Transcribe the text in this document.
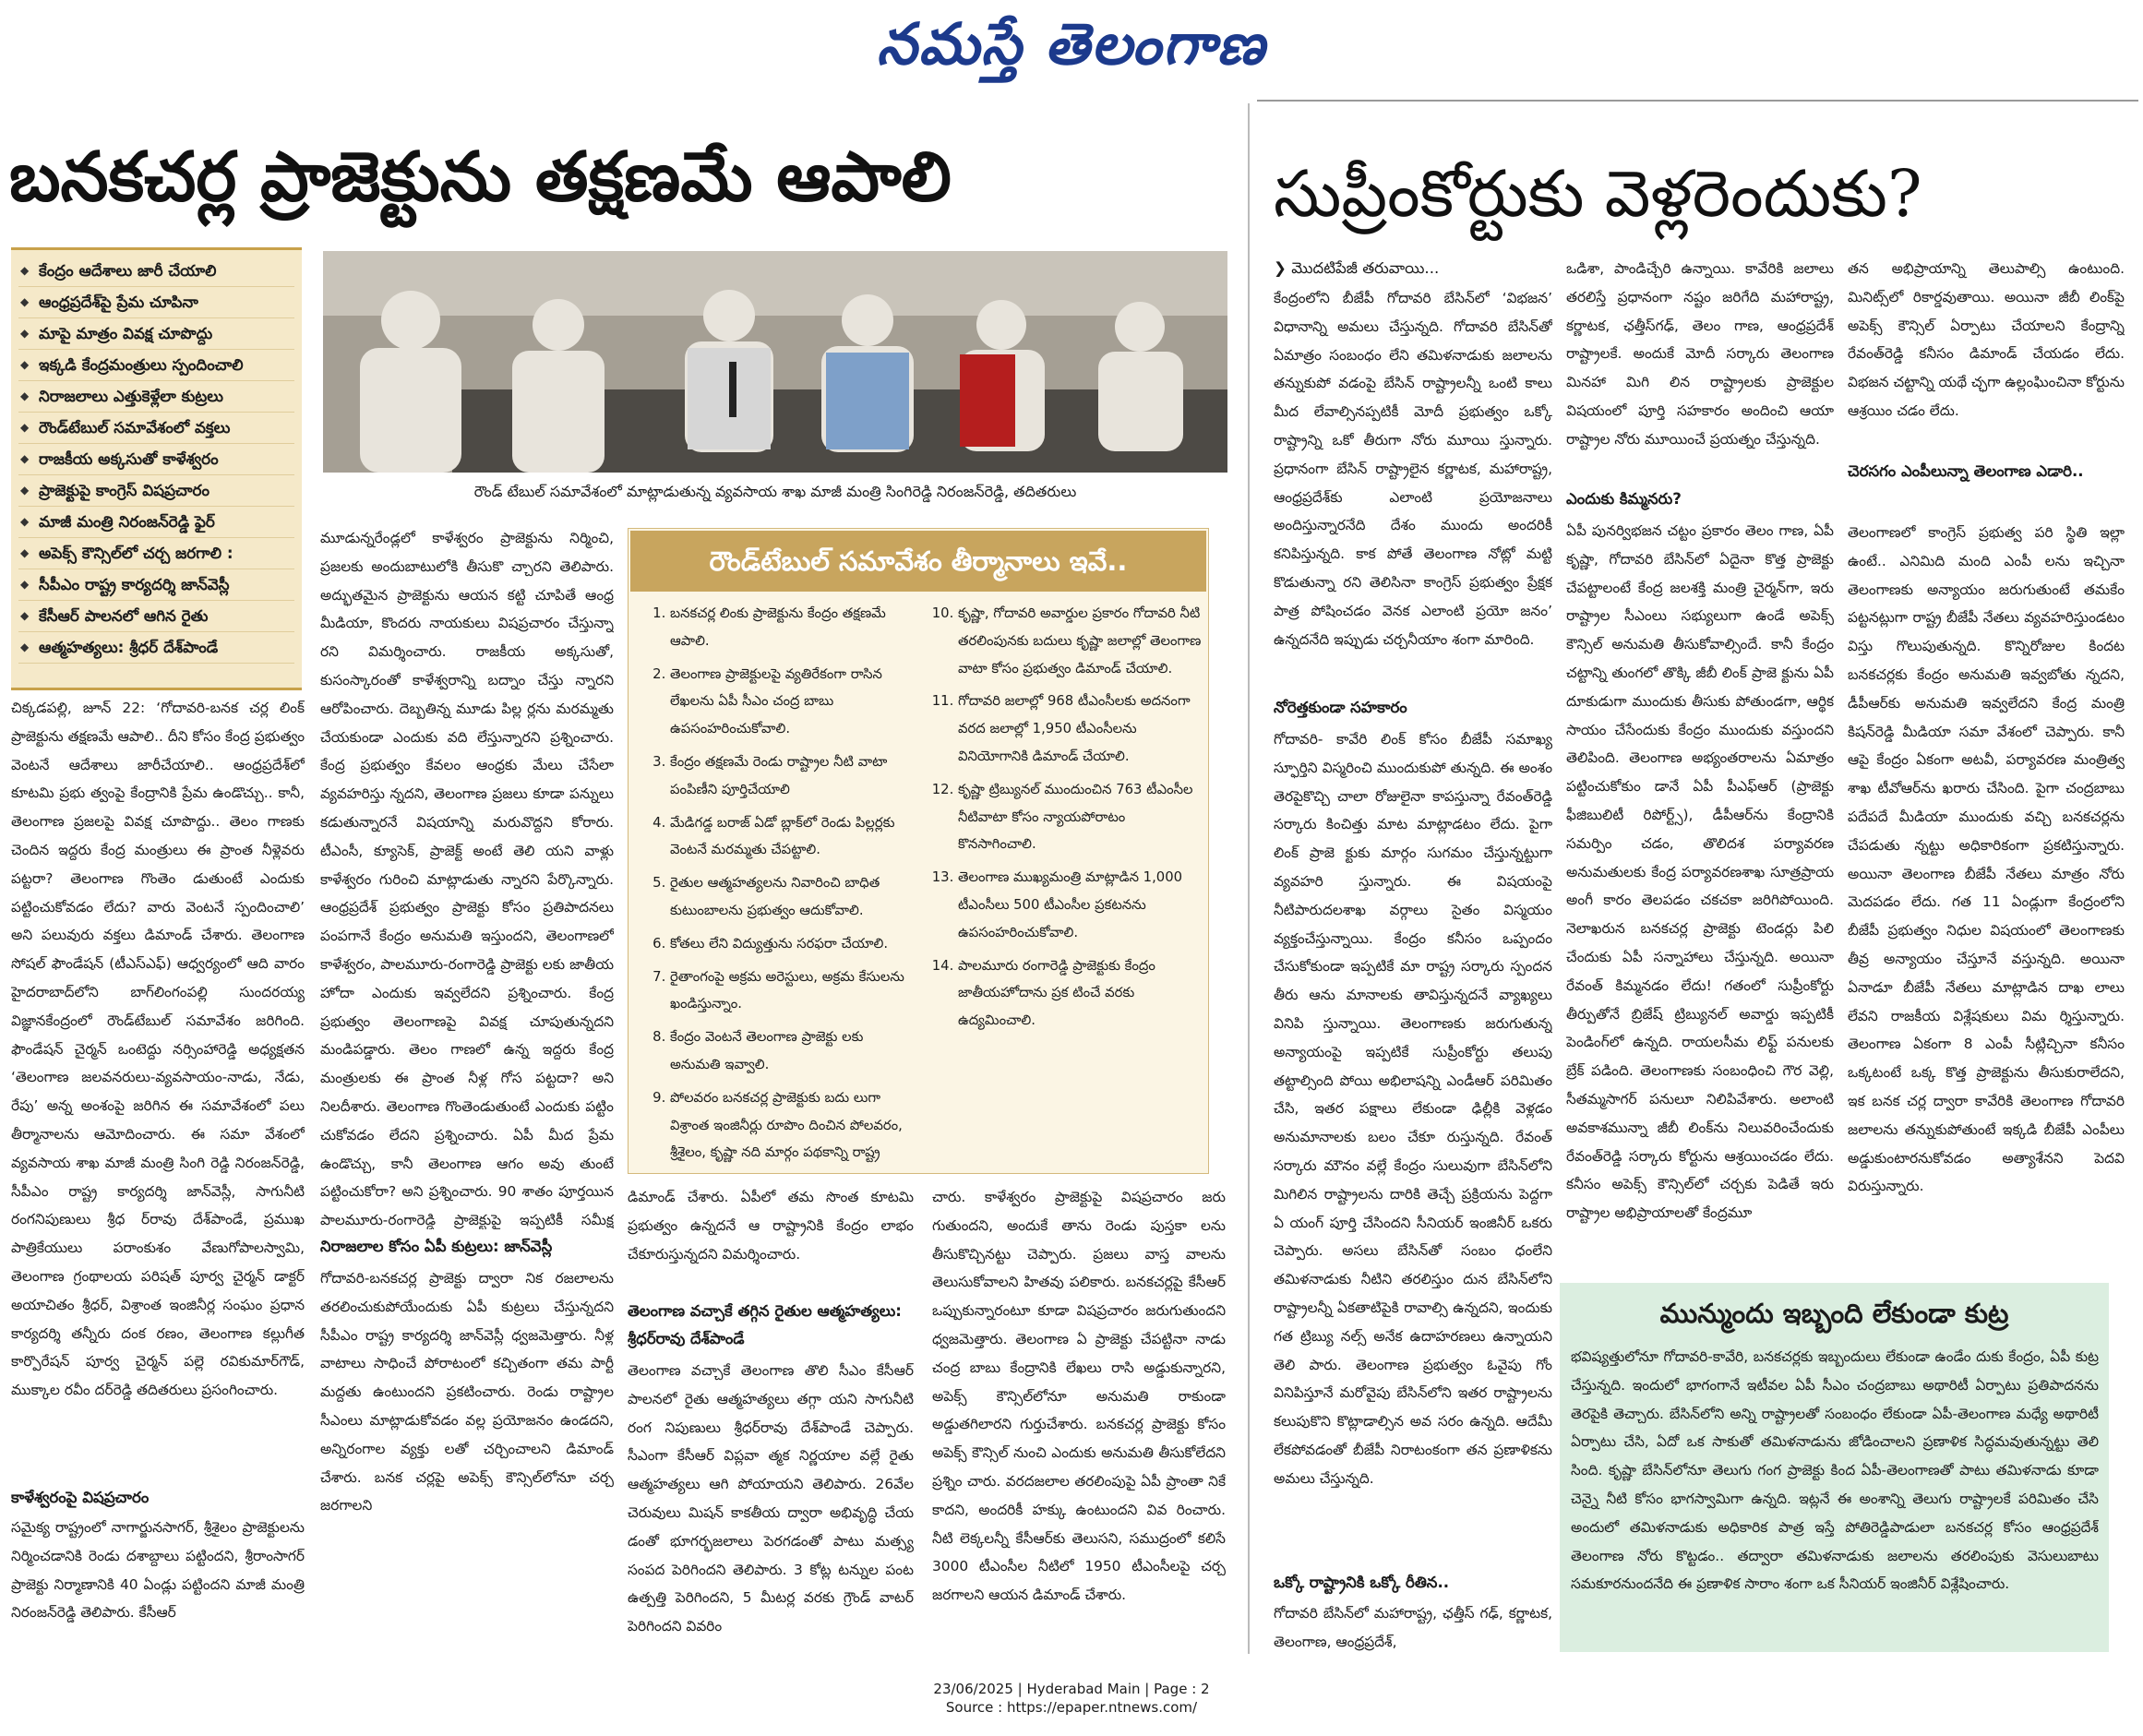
నమస్తే తెలంగాణ
బనకచర్ల ప్రాజెక్టును తక్షణమే ఆపాలి
◆ కేంద్రం ఆదేశాలు జారీ చేయాలి
◆ ఆంధ్రప్రదేశ్‌పై ప్రేమ చూపినా
◆ మాపై మాత్రం వివక్ష చూపొద్దు
◆ ఇక్కడి కేంద్రమంత్రులు స్పందించాలి
◆ నిరాజలాలు ఎత్తుకెళ్లేలా కుట్రలు
◆ రౌండ్‌టేబుల్ సమావేశంలో వక్తలు
◆ రాజకీయ అక్కసుతో కాళేశ్వరం
◆ ప్రాజెక్టుపై కాంగ్రెస్ విషప్రచారం
◆ మాజీ మంత్రి నిరంజన్‌రెడ్డి ఫైర్
◆ అపెక్స్ కౌన్సిల్‌లో చర్చ జరగాలి :
◆ సీపీఎం రాష్ట్ర కార్యదర్శి జాన్‌వెస్లీ
◆ కేసీఆర్ పాలనలో ఆగిన రైతు
◆ ఆత్మహత్యలు: శ్రీధర్ దేశ్‌పాండే
రౌండ్ టేబుల్ సమావేశంలో మాట్లాడుతున్న వ్యవసాయ శాఖ మాజీ మంత్రి సింగిరెడ్డి నిరంజన్‌రెడ్డి, తదితరులు

చిక్కడపల్లి, జూన్ 22: ‘గోదావరి-బనక చర్ల లింక్ ప్రాజెక్టును తక్షణమే ఆపాలి.. దీని కోసం కేంద్ర ప్రభుత్వం వెంటనే ఆదేశాలు జారీచేయాలి.. ఆంధ్రప్రదేశ్‌లో కూటమి ప్రభు త్వంపై కేంద్రానికి ప్రేమ ఉండొచ్చు.. కానీ, తెలంగాణ ప్రజలపై వివక్ష చూపొద్దు.. తెలం గాణకు చెందిన ఇద్దరు కేంద్ర మంత్రులు ఈ ప్రాంత నీళ్లెవరు పట్టరా? తెలంగాణ గొంతెం డుతుంటే ఎందుకు పట్టించుకోవడం లేదు? వారు వెంటనే స్పందించాలి’ అని పలువురు వక్తలు డిమాండ్ చేశారు. తెలంగాణ సోషల్ ఫౌండేషన్ (టీఎస్‌ఎఫ్) ఆధ్వర్యంలో ఆది వారం హైదరాబాద్‌లోని బాగ్‌లింగంపల్లి సుందరయ్య విజ్ఞానకేంద్రంలో రౌండ్‌టేబుల్ సమావేశం జరిగింది. ఫౌండేషన్ చైర్మన్ ఒంటెద్దు నర్సింహారెడ్డి అధ్యక్షతన ‘తెలంగాణ జలవనరులు-వ్యవసాయం-నాడు, నేడు, రేపు’ అన్న అంశంపై జరిగిన ఈ సమావేశంలో పలు తీర్మానాలను ఆమోదించారు. ఈ సమా వేశంలో వ్యవసాయ శాఖ మాజీ మంత్రి సింగి రెడ్డి నిరంజన్‌రెడ్డి, సీపీఎం రాష్ట్ర కార్యదర్శి జాన్‌వెస్లీ, సాగునీటి రంగనిపుణులు శ్రీధ ర్‌రావు దేశ్‌పాండే, ప్రముఖ పాత్రికేయులు పరాంకుశం వేణుగోపాలస్వామి, తెలంగాణ గ్రంథాలయ పరిషత్ పూర్వ చైర్మన్ డాక్టర్ అయాచితం శ్రీధర్, విశ్రాంత ఇంజినీర్ల సంఘం ప్రధాన కార్యదర్శి తన్నీరు దంక రణం, తెలంగాణ కల్లుగీత కార్పొరేషన్ పూర్వ చైర్మన్ పల్లె రవికుమార్‌గౌడ్, ముక్కాల రవీం దర్‌రెడ్డి తదితరులు ప్రసంగించారు.

కాళేశ్వరంపై విషప్రచారం

సమైక్య రాష్ట్రంలో నాగార్జునసాగర్, శ్రీశైలం ప్రాజెక్టులను నిర్మించడానికి రెండు దశాబ్దాలు పట్టిందని, శ్రీరాంసాగర్ ప్రాజెక్టు నిర్మాణానికి 40 ఏండ్లు పట్టిందని మాజీ మంత్రి నిరంజన్‌రెడ్డి తెలిపారు. కేసీఆర్

మూడున్నరేండ్లలో కాళేశ్వరం ప్రాజెక్టును నిర్మించి, ప్రజలకు అందుబాటులోకి తీసుకొ చ్చారని తెలిపారు. అద్భుతమైన ప్రాజెక్టును ఆయన కట్టి చూపితే ఆంధ్ర మీడియా, కొందరు నాయకులు విషప్రచారం చేస్తున్నా రని విమర్శించారు. రాజకీయ అక్కసుతో, కుసంస్కారంతో కాళేశ్వరాన్ని బద్నాం చేస్తు న్నారని ఆరోపించారు. దెబ్బతిన్న మూడు పిల్ల ర్లను మరమ్మతు చేయకుండా ఎందుకు వది లేస్తున్నారని ప్రశ్నించారు. కేంద్ర ప్రభుత్వం కేవలం ఆంధ్రకు మేలు చేసేలా వ్యవహరిస్తు న్నదని, తెలంగాణ ప్రజలు కూడా పన్నులు కడుతున్నారనే విషయాన్ని మరువొద్దని కోరారు. టీఎంసీ, క్యూసెక్, ప్రాజెక్ట్ అంటే తెలి యని వాళ్లు కాళేశ్వరం గురించి మాట్లాడుతు న్నారని పేర్కొన్నారు. ఆంధ్రప్రదేశ్ ప్రభుత్వం ప్రాజెక్టు కోసం ప్రతిపాదనలు పంపగానే కేంద్రం అనుమతి ఇస్తుందని, తెలంగాణలో కాళేశ్వరం, పాలమూరు-రంగారెడ్డి ప్రాజెక్టు లకు జాతీయ హోదా ఎందుకు ఇవ్వలేదని ప్రశ్నించారు. కేంద్ర ప్రభుత్వం తెలంగాణపై వివక్ష చూపుతున్నదని మండిపడ్డారు. తెలం గాణలో ఉన్న ఇద్దరు కేంద్ర మంత్రులకు ఈ ప్రాంత నీళ్ల గోస పట్టదా? అని నిలదీశారు. తెలంగాణ గొంతెండుతుంటే ఎందుకు పట్టిం చుకోవడం లేదని ప్రశ్నించారు. ఏపీ మీద ప్రేమ ఉండొచ్చు, కానీ తెలంగాణ ఆగం అవు తుంటే పట్టించుకోరా? అని ప్రశ్నించారు. 90 శాతం పూర్తయిన పాలమూరు-రంగారెడ్డి ప్రాజెక్టుపై ఇప్పటికీ సమీక్ష

నిరాజలాల కోసం ఏపీ కుట్రలు: జాన్‌వెస్లీ

గోదావరి-బనకచర్ల ప్రాజెక్టు ద్వారా నిక రజలాలను తరలించుకుపోయేందుకు ఏపీ కుట్రలు చేస్తున్నదని సీపీఎం రాష్ట్ర కార్యదర్శి జాన్‌వెస్లీ ధ్వజమెత్తారు. నీళ్ల వాటాలు సాధించే పోరాటంలో కచ్చితంగా తమ పార్టీ మద్దతు ఉంటుందని ప్రకటించారు. రెండు రాష్ట్రాల సీఎంలు మాట్లాడుకోవడం వల్ల ప్రయోజనం ఉండదని, అన్నిరంగాల వ్యక్తు లతో చర్చించాలని డిమాండ్ చేశారు. బనక చర్లపై అపెక్స్ కౌన్సిల్‌లోనూ చర్చ జరగాలని

రౌండ్‌టేబుల్ సమావేశం తీర్మానాలు ఇవే..
1. బనకచర్ల లింకు ప్రాజెక్టును కేంద్రం తక్షణమే ఆపాలి.
2. తెలంగాణ ప్రాజెక్టులపై వ్యతిరేకంగా రాసిన లేఖలను ఏపీ సీఎం చంద్ర బాబు ఉపసంహరించుకోవాలి.
3. కేంద్రం తక్షణమే రెండు రాష్ట్రాల నీటి వాటా పంపిణీని పూర్తిచేయాలి
4. మేడిగడ్డ బరాజ్ ఏడో బ్లాక్‌లో రెండు పిల్లర్లకు వెంటనే మరమ్మతు చేపట్టాలి.
5. రైతుల ఆత్మహత్యలను నివారించి బాధిత కుటుంబాలను ప్రభుత్వం ఆదుకోవాలి.
6. కోతలు లేని విద్యుత్తును సరఫరా చేయాలి.
7. రైతాంగంపై అక్రమ అరెస్టులు, అక్రమ కేసులను ఖండిస్తున్నాం.
8. కేంద్రం వెంటనే తెలంగాణ ప్రాజెక్టు లకు అనుమతి ఇవ్వాలి.
9. పోలవరం బనకచర్ల ప్రాజెక్టుకు బదు లుగా విశ్రాంత ఇంజినీర్లు రూపొం దించిన పోలవరం, శ్రీశైలం, కృష్ణా నది మార్గం పథకాన్ని రాష్ట్ర
10. కృష్ణా, గోదావరి అవార్డుల ప్రకారం గోదావరి నీటి తరలింపునకు బదులు కృష్ణా జలాల్లో తెలంగాణ వాటా కోసం ప్రభుత్వం డిమాండ్ చేయాలి.
11. గోదావరి జలాల్లో 968 టీఎంసీలకు అదనంగా వరద జలాల్లో 1,950 టీఎంసీలను వినియోగానికి డిమాండ్ చేయాలి.
12. కృష్ణా ట్రిబ్యునల్ ముందుంచిన 763 టీఎంసీల నీటివాటా కోసం న్యాయపోరాటం కొనసాగించాలి.
13. తెలంగాణ ముఖ్యమంత్రి మాట్లాడిన 1,000 టీఎంసీలు 500 టీఎంసీల ప్రకటనను ఉపసంహరించుకోవాలి.
14. పాలమూరు రంగారెడ్డి ప్రాజెక్టుకు కేంద్రం జాతీయహోదాను ప్రక టించే వరకు ఉద్యమించాలి.

డిమాండ్ చేశారు. ఏపీలో తమ సొంత కూటమి ప్రభుత్వం ఉన్నదనే ఆ రాష్ట్రానికి కేంద్రం లాభం చేకూరుస్తున్నదని విమర్శించారు.

తెలంగాణ వచ్చాకే తగ్గిన రైతుల ఆత్మహత్యలు: శ్రీధర్‌రావు దేశ్‌పాండే

తెలంగాణ వచ్చాకే తెలంగాణ తొలి సీఎం కేసీఆర్ పాలనలో రైతు ఆత్మహత్యలు తగ్గా యని సాగునీటి రంగ నిపుణులు శ్రీధర్‌రావు దేశ్‌పాండే చెప్పారు. సీఎంగా కేసీఆర్ విప్లవా త్మక నిర్ణయాల వల్లే రైతు ఆత్మహత్యలు ఆగి పోయాయని తెలిపారు. 26వేల చెరువులు మిషన్ కాకతీయ ద్వారా అభివృద్ధి చేయ డంతో భూగర్భజలాలు పెరగడంతో పాటు మత్స్య సంపద పెరిగిందని తెలిపారు. 3 కోట్ల టన్నుల పంట ఉత్పత్తి పెరిగిందని, 5 మీటర్ల వరకు గ్రౌండ్ వాటర్ పెరిగిందని వివరిం

చారు. కాళేశ్వరం ప్రాజెక్టుపై విషప్రచారం జరు గుతుందని, అందుకే తాను రెండు పుస్తకా లను తీసుకొచ్చినట్టు చెప్పారు. ప్రజలు వాస్త వాలను తెలుసుకోవాలని హితవు పలికారు. బనకచర్లపై కేసీఆర్ ఒప్పుకున్నారంటూ కూడా విషప్రచారం జరుగుతుందని ధ్వజమెత్తారు. తెలంగాణ ఏ ప్రాజెక్టు చేపట్టినా నాడు చంద్ర బాబు కేంద్రానికి లేఖలు రాసి అడ్డుకున్నారని, అపెక్స్ కౌన్సిల్‌లోనూ అనుమతి రాకుండా అడ్డుతగిలారని గుర్తుచేశారు. బనకచర్ల ప్రాజెక్టు కోసం అపెక్స్ కౌన్సిల్ నుంచి ఎందుకు అనుమతి తీసుకోలేదని ప్రశ్నిం చారు. వరదజలాల తరలింపుపై ఏపీ ప్రాంతా నికే కాదని, అందరికీ హక్కు ఉంటుందని వివ రించారు. నీటి లెక్కలన్నీ కేసీఆర్‌కు తెలుసని, సముద్రంలో కలిసే 3000 టీఎంసీల నీటిలో 1950 టీఎంసీలపై చర్చ జరగాలని ఆయన డిమాండ్ చేశారు.

సుప్రీంకోర్టుకు వెళ్లరెందుకు?
❯ మొదటిపేజీ తరువాయి...

కేంద్రంలోని బీజేపీ గోదావరి బేసిన్‌లో ‘విభజన’ విధానాన్ని అమలు చేస్తున్నది. గోదావరి బేసిన్‌తో ఏమాత్రం సంబంధం లేని తమిళనాడుకు జలాలను తన్నుకుపో వడంపై బేసిన్ రాష్ట్రాలన్నీ ఒంటి కాలు మీద లేవాల్సినప్పటికీ మోదీ ప్రభుత్వం ఒక్కో రాష్ట్రాన్ని ఒకో తీరుగా నోరు మూయి స్తున్నారు. ప్రధానంగా బేసిన్ రాష్ట్రాలైన కర్ణాటక, మహారాష్ట్ర, ఆంధ్రప్రదేశ్‌కు ఎలాంటి ప్రయోజనాలు అందిస్తున్నారనేది దేశం ముందు అందరికీ కనిపిస్తున్నది. కాక పోతే తెలంగాణ నోట్లో మట్టి కొడుతున్నా రని తెలిసినా కాంగ్రెస్ ప్రభుత్వం ప్రేక్షక పాత్ర పోషించడం వెనక ఎలాంటి ప్రయో జనం’ ఉన్నదనేది ఇప్పుడు చర్చనీయాం శంగా మారింది.

నోరెత్తకుండా సహకారం

గోదావరి- కావేరి లింక్ కోసం బీజేపీ సమాఖ్య స్ఫూర్తిని విస్మరించి ముందుకుపో తున్నది. ఈ అంశం తెరపైకొచ్చి చాలా రోజులైనా కాపస్తున్నా రేవంత్‌రెడ్డి సర్కారు కించిత్తు మాట మాట్లాడటం లేదు. పైగా లింక్ ప్రాజె క్టుకు మార్గం సుగమం చేస్తున్నట్టుగా వ్యవహరి స్తున్నారు. ఈ విషయంపై నీటిపారుదలశాఖ వర్గాలు సైతం విస్మయం వ్యక్తంచేస్తున్నాయి. కేంద్రం కనీసం ఒప్పందం చేసుకోకుండా ఇప్పటికే మా రాష్ట్ర సర్కారు స్పందన తీరు ఆను మానాలకు తావిస్తున్నదనే వ్యాఖ్యలు వినిపి స్తున్నాయి. తెలంగాణకు జరుగుతున్న అన్యాయంపై ఇప్పటికే సుప్రీంకోర్టు తలుపు తట్టాల్సింది పోయి అభిలాషన్ని ఎండీఆర్ పరిమితం చేసి, ఇతర పక్షాలు లేకుండా ఢిల్లీకి వెళ్లడం అనుమానాలకు బలం చేకూ రుస్తున్నది. రేవంత్ సర్కారు మౌనం వల్లే కేంద్రం సులువుగా బేసిన్‌లోని మిగిలిన రాష్ట్రాలను దారికి తెచ్చే ప్రక్రియను పెద్దగా ఏ యంగ్ పూర్తి చేసిందని సీనియర్ ఇంజినీర్ ఒకరు చెప్పారు. అసలు బేసిన్‌తో సంబం ధంలేని తమిళనాడుకు నీటిని తరలిస్తుం దున బేసిన్‌లోని రాష్ట్రాలన్నీ ఏకతాటిపైకి రావాల్సి ఉన్నదని, ఇందుకు గత ట్రిబ్యు నల్స్ అనేక ఉదాహరణలు ఉన్నాయని తెలి పారు. తెలంగాణ ప్రభుత్వం ఓవైపు గోం వినిపిస్తూనే మరోవైపు బేసిన్‌లోని ఇతర రాష్ట్రాలను కలుపుకొని కొట్లాడాల్సిన అవ సరం ఉన్నది. ఆదేమీ లేకపోవడంతో బీజేపీ నిరాటంకంగా తన ప్రణాళికను అమలు చేస్తున్నది.

ఒక్కో రాష్ట్రానికి ఒక్కో రీతిన..

గోదావరి బేసిన్‌లో మహారాష్ట్ర, ఛత్తీస్ గఢ్, కర్ణాటక, తెలంగాణ, ఆంధ్రప్రదేశ్,

ఒడిశా, పాండిచ్చేరి ఉన్నాయి. కావేరికి జలాలు తరలిస్తే ప్రధానంగా నష్టం జరిగేది మహారాష్ట్ర, కర్ణాటక, ఛత్తీస్‌గఢ్, తెలం గాణ, ఆంధ్రప్రదేశ్ రాష్ట్రాలకే. అందుకే మోదీ సర్కారు తెలంగాణ మినహా మిగి లిన రాష్ట్రాలకు ప్రాజెక్టుల విషయంలో పూర్తి సహకారం అందించి ఆయా రాష్ట్రాల నోరు మూయించే ప్రయత్నం చేస్తున్నది.

ఎందుకు కిమ్మనరు?

ఏపీ పునర్విభజన చట్టం ప్రకారం తెలం గాణ, ఏపీ కృష్ణా, గోదావరి బేసిన్‌లో ఏదైనా కొత్త ప్రాజెక్టు చేపట్టాలంటే కేంద్ర జలశక్తి మంత్రి చైర్మన్‌గా, ఇరు రాష్ట్రాల సీఎంలు సభ్యులుగా ఉండే అపెక్స్ కౌన్సిల్ అనుమతి తీసుకోవాల్సిందే. కానీ కేంద్రం చట్టాన్ని తుంగలో తొక్కి జీబీ లింక్ ప్రాజె క్టును ఏపీ దూకుడుగా ముందుకు తీసుకు పోతుండగా, ఆర్థిక సాయం చేసేందుకు కేంద్రం ముందుకు వస్తుందని తెలిపింది. తెలంగాణ అభ్యంతరాలను ఏమాత్రం పట్టించుకోకుం డానే ఏపీ పీఎఫ్ఆర్ (ప్రాజెక్టు ఫీజిబులిటీ రిపోర్ట్స్), డీపీఆర్‌ను కేంద్రానికి సమర్పిం చడం, తొలిదశ పర్యావరణ అనుమతులకు కేంద్ర పర్యావరణశాఖ సూత్రప్రాయ అంగీ కారం తెలపడం చకచకా జరిగిపోయింది. నెలాఖరున బనకచర్ల ప్రాజెక్టు టెండర్లు పిలి చేందుకు ఏపీ సన్నాహాలు చేస్తున్నది. అయినా రేవంత్ కిమ్మనడం లేదు! గతంలో సుప్రీంకోర్టు తీర్పుతోనే బ్రిజేష్ ట్రిబ్యునల్ అవార్డు ఇప్పటికీ పెండింగ్‌లో ఉన్నది. రాయలసీమ లిఫ్ట్ పనులకు బ్రేక్ పడింది. తెలంగాణకు సంబంధించి గౌర వెల్లి, సీతమ్మసాగర్ పనులూ నిలిపివేశారు. అలాంటి అవకాశమున్నా జీబీ లింక్‌ను నిలువరించేందుకు రేవంత్‌రెడ్డి సర్కారు కోర్టును ఆశ్రయించడం లేదు. కనీసం అపెక్స్ కౌన్సిల్‌లో చర్చకు పెడితే ఇరు రాష్ట్రాల అభిప్రాయాలతో కేంద్రమూ

తన అభిప్రాయాన్ని తెలుపాల్సి ఉంటుంది. మినిట్స్‌లో రికార్డవుతాయి. అయినా జీబీ లింక్‌పై అపెక్స్ కౌన్సిల్ ఏర్పాటు చేయాలని కేంద్రాన్ని రేవంత్‌రెడ్డి కనీసం డిమాండ్ చేయడం లేదు. విభజన చట్టాన్ని యథే చ్ఛగా ఉల్లంఘించినా కోర్టును ఆశ్రయిం చడం లేదు.

చెరసగం ఎంపీలున్నా తెలంగాణ ఎడారి..

తెలంగాణలో కాంగ్రెస్ ప్రభుత్వ పరి స్థితి ఇల్లా ఉంటే.. ఎనిమిది మంది ఎంపీ లను ఇచ్చినా తెలంగాణకు అన్యాయం జరుగుతుంటే తమకేం పట్టనట్లుగా రాష్ట్ర బీజేపీ నేతలు వ్యవహరిస్తుండటం విస్తు గొలుపుతున్నది. కొన్నిరోజుల కిందట బనకచర్లకు కేంద్రం అనుమతి ఇవ్వబోతు న్నదని, డీపీఆర్‌కు అనుమతి ఇవ్వలేదని కేంద్ర మంత్రి కిషన్‌రెడ్డి మీడియా సమా వేశంలో చెప్పారు. కానీ ఆపై కేంద్రం ఏకంగా అటవీ, పర్యావరణ మంత్రిత్వ శాఖ టీవోఆర్‌ను ఖరారు చేసింది. పైగా చంద్రబాబు పదేపదే మీడియా ముందుకు వచ్చి బనకచర్లను చేపడుతు న్నట్టు అధికారికంగా ప్రకటిస్తున్నారు. అయినా తెలంగాణ బీజేపీ నేతలు మాత్రం నోరు మెదపడం లేదు. గత 11 ఏండ్లుగా కేంద్రంలోని బీజేపీ ప్రభుత్వం నిధుల విషయంలో తెలంగాణకు తీవ్ర అన్యాయం చేస్తూనే వస్తున్నది. అయినా ఏనాడూ బీజేపీ నేతలు మాట్లాడిన దాఖ లాలు లేవని రాజకీయ విశ్లేషకులు విమ ర్శిస్తున్నారు. తెలంగాణ ఏకంగా 8 ఎంపీ సీట్లిచ్చినా కనీసం ఒక్కటంటే ఒక్క కొత్త ప్రాజెక్టును తీసుకురాలేదని, ఇక బనక చర్ల ద్వారా కావేరికి తెలంగాణ గోదావరి జలాలను తన్నుకుపోతుంటే ఇక్కడి బీజేపీ ఎంపీలు అడ్డుకుంటారనుకోవడం అత్యాశేనని పెదవి విరుస్తున్నారు.

మున్ముందు ఇబ్బంది లేకుండా కుట్ర

భవిష్యత్తులోనూ గోదావరి-కావేరి, బనకచర్లకు ఇబ్బందులు లేకుండా ఉండేం దుకు కేంద్రం, ఏపీ కుట్ర చేస్తున్నది. ఇందులో భాగంగానే ఇటీవల ఏపీ సీఎం చంద్రబాబు అథారిటీ ఏర్పాటు ప్రతిపాదనను తెరపైకి తెచ్చారు. బేసిన్‌లోని అన్ని రాష్ట్రాలతో సంబంధం లేకుండా ఏపీ-తెలంగాణ మధ్యే అథారిటీ ఏర్పాటు చేసి, ఏదో ఒక సాకుతో తమిళనాడును జోడించాలని ప్రణాళిక సిద్ధమవుతున్నట్టు తెలి సింది. కృష్ణా బేసిన్‌లోనూ తెలుగు గంగ ప్రాజెక్టు కింద ఏపీ-తెలంగాణతో పాటు తమిళనాడు కూడా చెన్నై నీటి కోసం భాగస్వామిగా ఉన్నది. ఇట్లనే ఈ అంశాన్ని తెలుగు రాష్ట్రాలకే పరిమితం చేసి అందులో తమిళనాడుకు అధికారిక పాత్ర ఇస్తే పోతిరెడ్డిపాడులా బనకచర్ల కోసం ఆంధ్రప్రదేశ్ తెలంగాణ నోరు కొట్టడం.. తద్వారా తమిళనాడుకు జలాలను తరలింపుకు వెసులుబాటు సమకూరనుందనేది ఈ ప్రణాళిక సారాం శంగా ఒక సీనియర్ ఇంజినీర్ విశ్లేషించారు.

23/06/2025 | Hyderabad Main | Page : 2
Source : https://epaper.ntnews.com/
